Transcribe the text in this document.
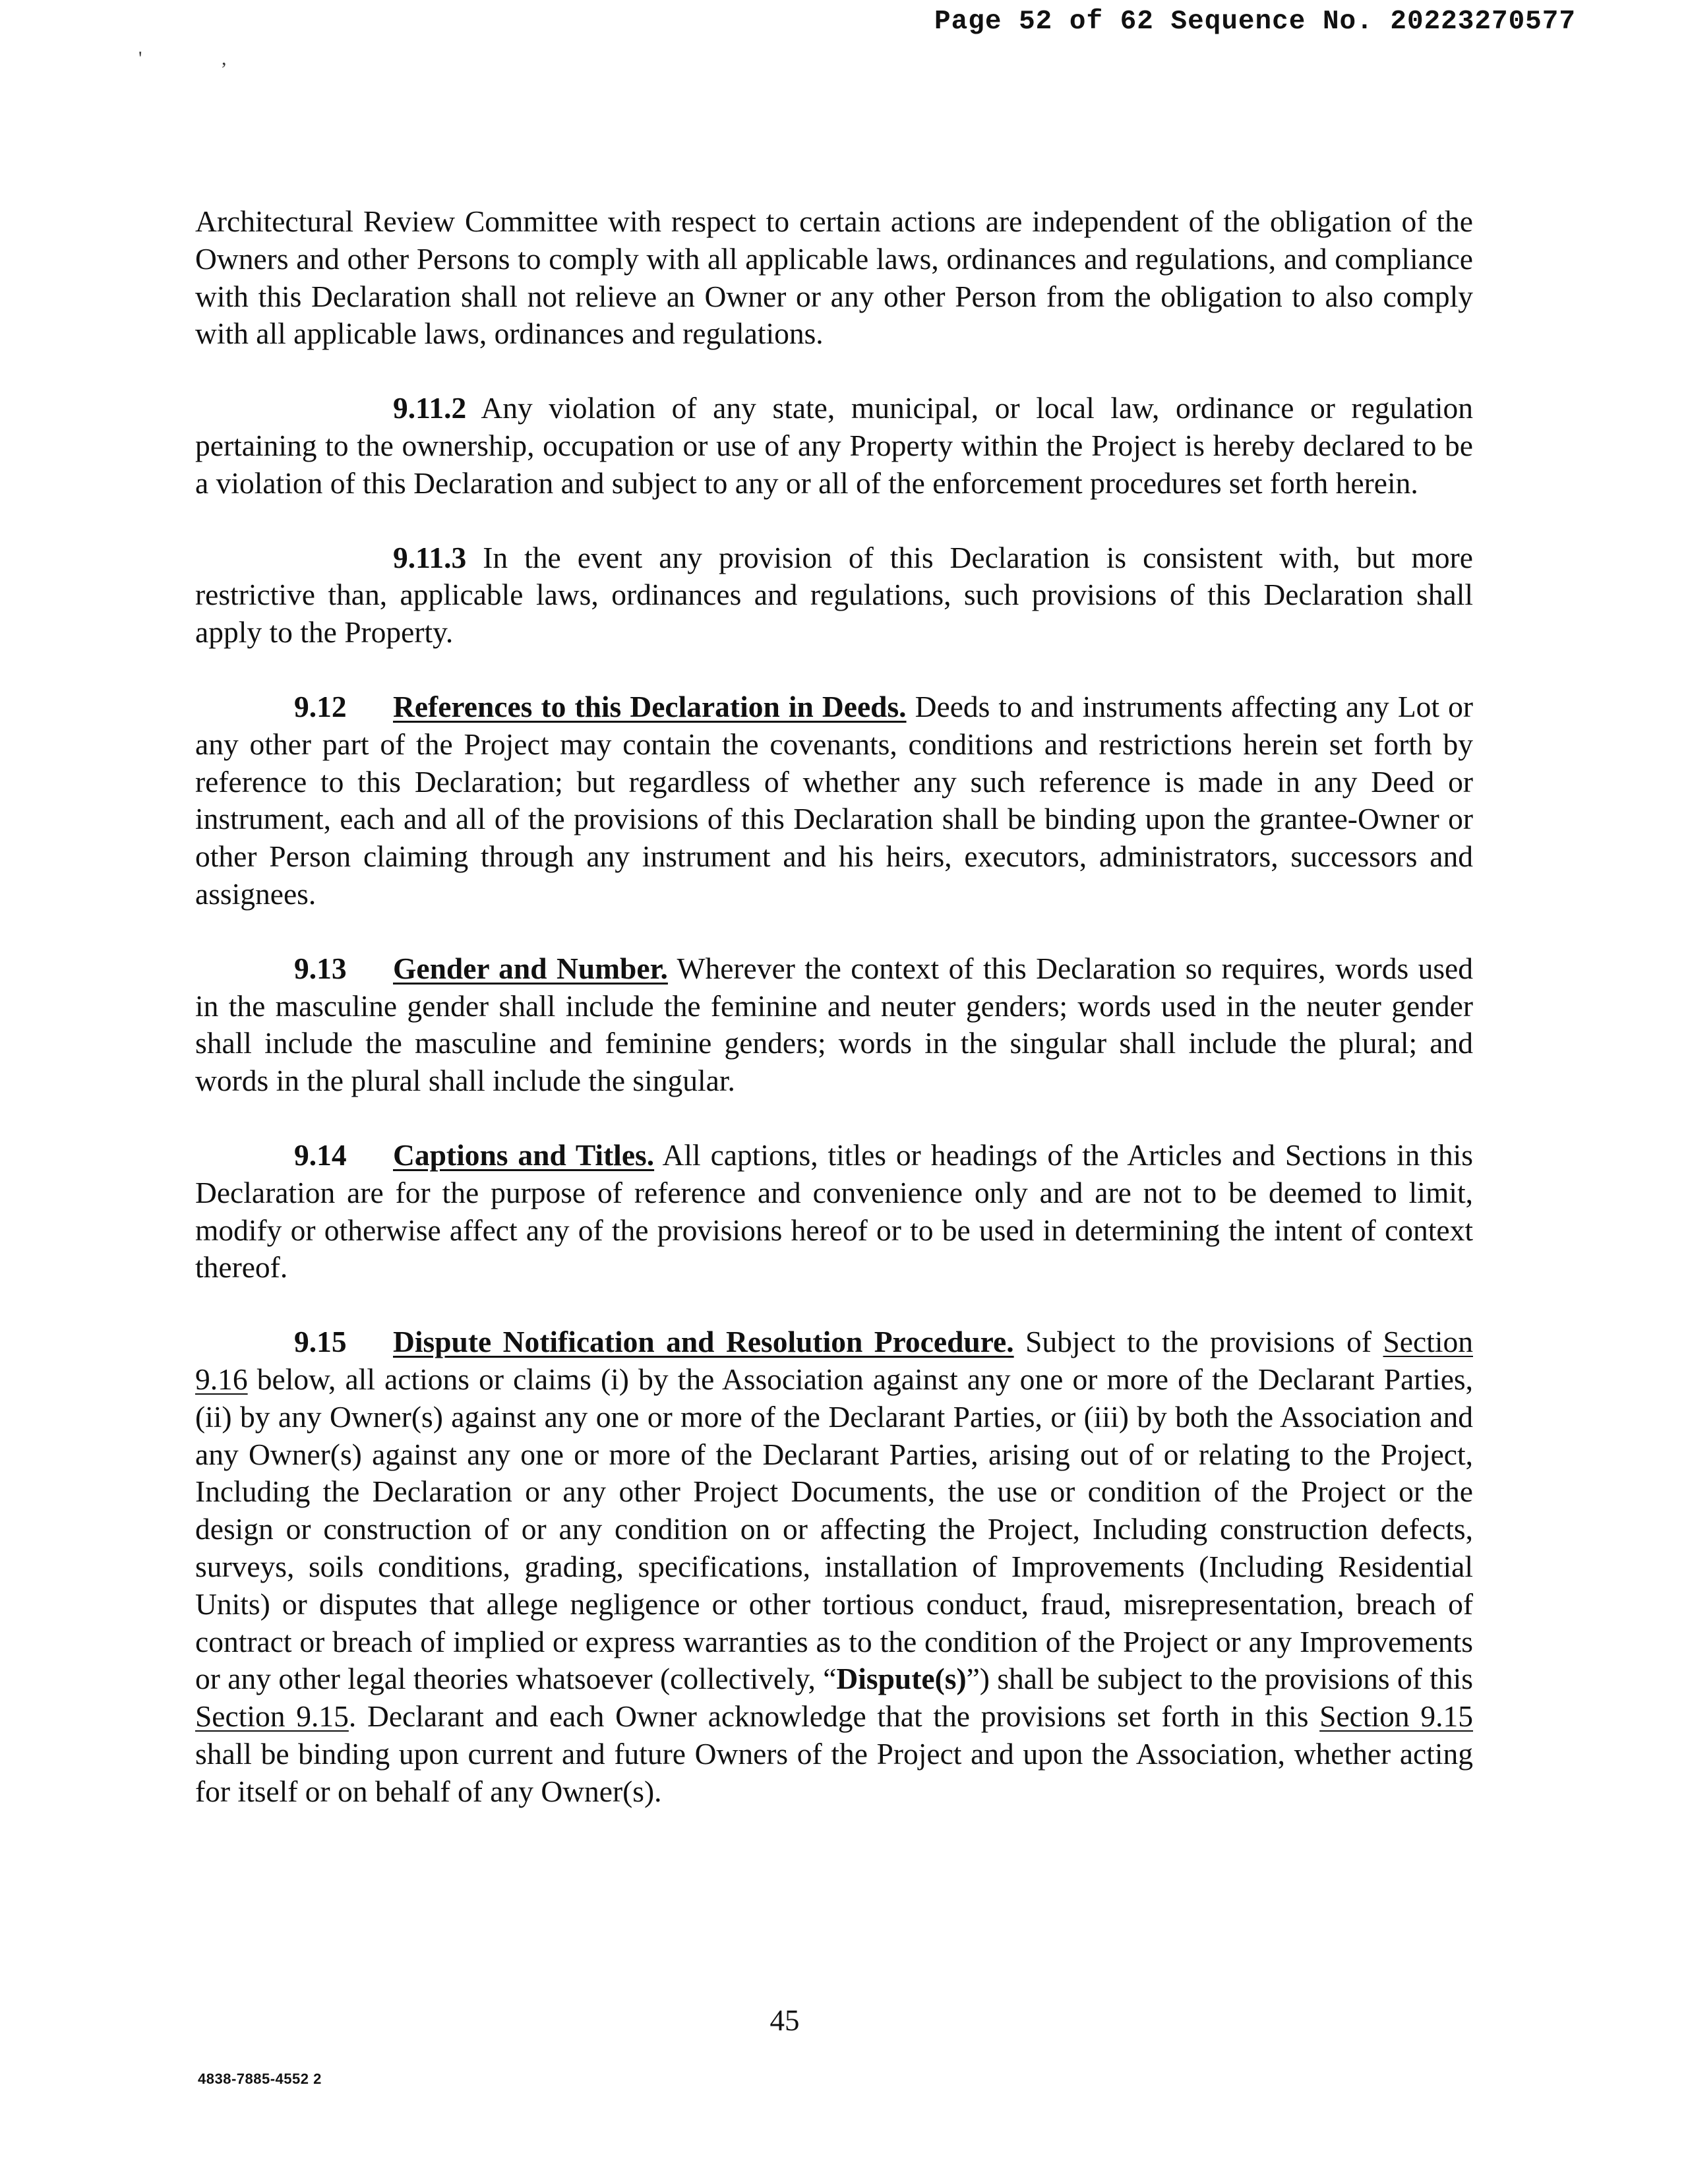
Page 52 of 62 Sequence No. 20223270577
'	,

Architectural Review Committee with respect to certain actions are independent of the obligation of the Owners and other Persons to comply with all applicable laws, ordinances and regulations, and compliance with this Declaration shall not relieve an Owner or any other Person from the obligation to also comply with all applicable laws, ordinances and regulations.

9.11.2 Any violation of any state, municipal, or local law, ordinance or regulation pertaining to the ownership, occupation or use of any Property within the Project is hereby declared to be a violation of this Declaration and subject to any or all of the enforcement procedures set forth herein.

9.11.3 In the event any provision of this Declaration is consistent with, but more restrictive than, applicable laws, ordinances and regulations, such provisions of this Declaration shall apply to the Property.

9.12 References to this Declaration in Deeds. Deeds to and instruments affecting any Lot or any other part of the Project may contain the covenants, conditions and restrictions herein set forth by reference to this Declaration; but regardless of whether any such reference is made in any Deed or instrument, each and all of the provisions of this Declaration shall be binding upon the grantee-Owner or other Person claiming through any instrument and his heirs, executors, administrators, successors and assignees.

9.13 Gender and Number. Wherever the context of this Declaration so requires, words used in the masculine gender shall include the feminine and neuter genders; words used in the neuter gender shall include the masculine and feminine genders; words in the singular shall include the plural; and words in the plural shall include the singular.

9.14 Captions and Titles. All captions, titles or headings of the Articles and Sections in this Declaration are for the purpose of reference and convenience only and are not to be deemed to limit, modify or otherwise affect any of the provisions hereof or to be used in determining the intent of context thereof.

9.15 Dispute Notification and Resolution Procedure. Subject to the provisions of Section 9.16 below, all actions or claims (i) by the Association against any one or more of the Declarant Parties, (ii) by any Owner(s) against any one or more of the Declarant Parties, or (iii) by both the Association and any Owner(s) against any one or more of the Declarant Parties, arising out of or relating to the Project, Including the Declaration or any other Project Documents, the use or condition of the Project or the design or construction of or any condition on or affecting the Project, Including construction defects, surveys, soils conditions, grading, specifications, installation of Improvements (Including Residential Units) or disputes that allege negligence or other tortious conduct, fraud, misrepresentation, breach of contract or breach of implied or express warranties as to the condition of the Project or any Improvements or any other legal theories whatsoever (collectively, “Dispute(s)”) shall be subject to the provisions of this Section 9.15. Declarant and each Owner acknowledge that the provisions set forth in this Section 9.15 shall be binding upon current and future Owners of the Project and upon the Association, whether acting for itself or on behalf of any Owner(s).

45
4838-7885-4552 2
